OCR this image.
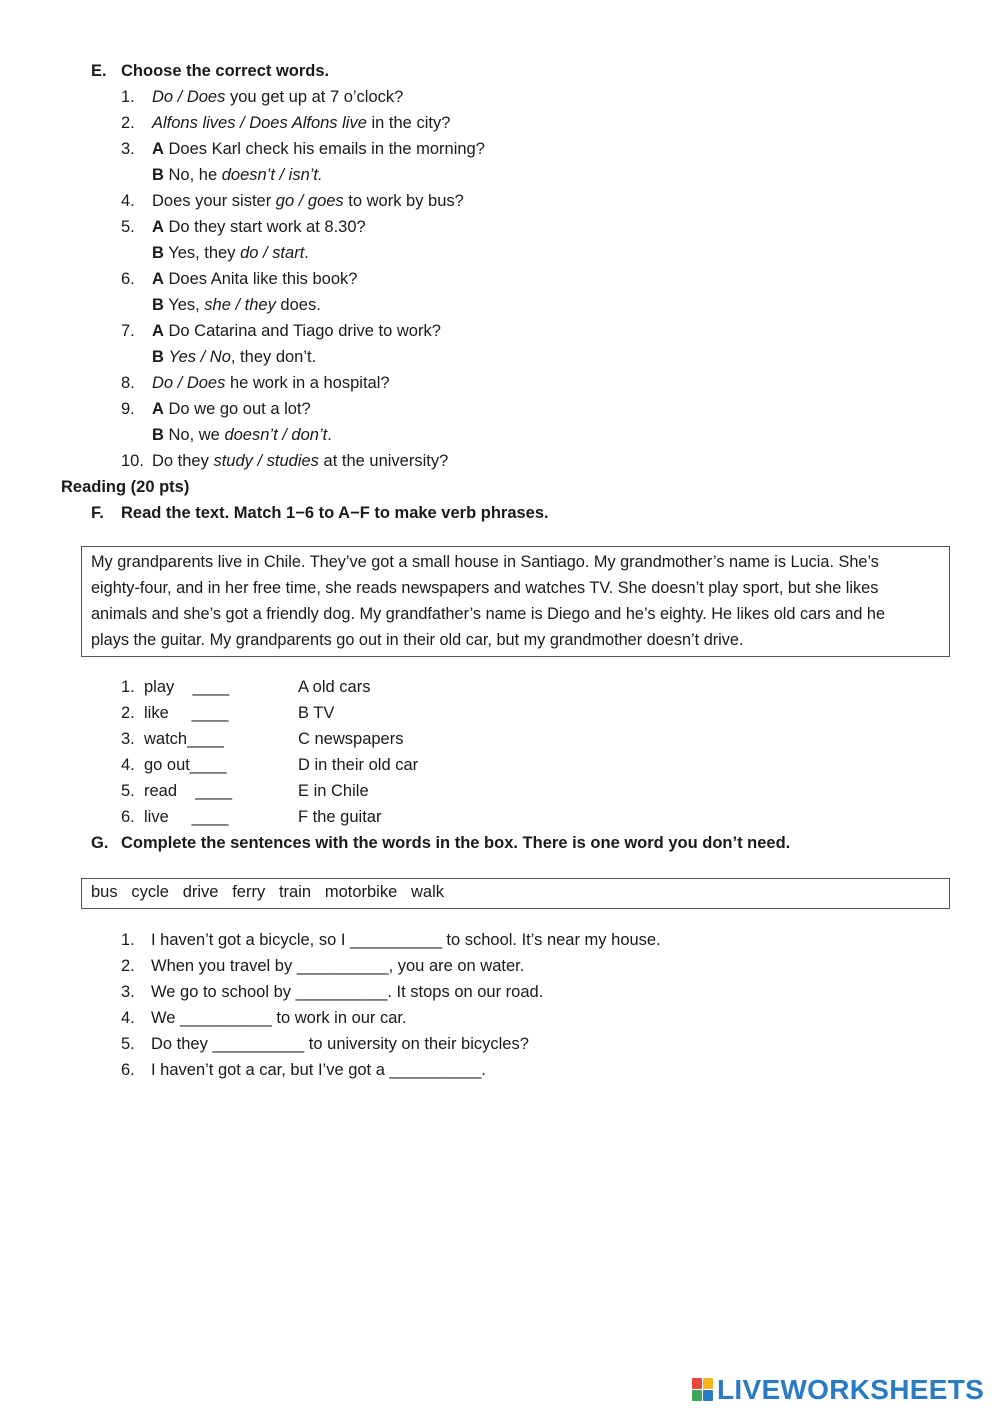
E. Choose the correct words.
1. Do / Does you get up at 7 o’clock?
2. Alfons lives / Does Alfons live in the city?
3. A Does Karl check his emails in the morning?
B No, he doesn’t / isn’t.
4. Does your sister go / goes to work by bus?
5. A Do they start work at 8.30?
B Yes, they do / start.
6. A Does Anita like this book?
B Yes, she / they does.
7. A Do Catarina and Tiago drive to work?
B Yes / No, they don’t.
8. Do / Does he work in a hospital?
9. A Do we go out a lot?
B No, we doesn’t / don’t.
10. Do they study / studies at the university?
Reading (20 pts)
F. Read the text. Match 1−6 to A−F to make verb phrases.
My grandparents live in Chile. They’ve got a small house in Santiago. My grandmother’s name is Lucia. She’s
eighty-four, and in her free time, she reads newspapers and watches TV. She doesn’t play sport, but she likes
animals and she’s got a friendly dog. My grandfather’s name is Diego and he’s eighty. He likes old cars and he
plays the guitar. My grandparents go out in their old car, but my grandmother doesn’t drive.
1. play    ____	A old cars
2. like     ____	B TV
3. watch____	C newspapers
4. go out____	D in their old car
5. read    ____	E in Chile
6. live     ____	F the guitar
G. Complete the sentences with the words in the box. There is one word you don’t need.
bus   cycle   drive   ferry   train   motorbike   walk
1. I haven’t got a bicycle, so I __________ to school. It’s near my house.
2. When you travel by __________, you are on water.
3. We go to school by __________. It stops on our road.
4. We __________ to work in our car.
5. Do they __________ to university on their bicycles?
6. I haven’t got a car, but I’ve got a __________.
LIVEWORKSHEETS
